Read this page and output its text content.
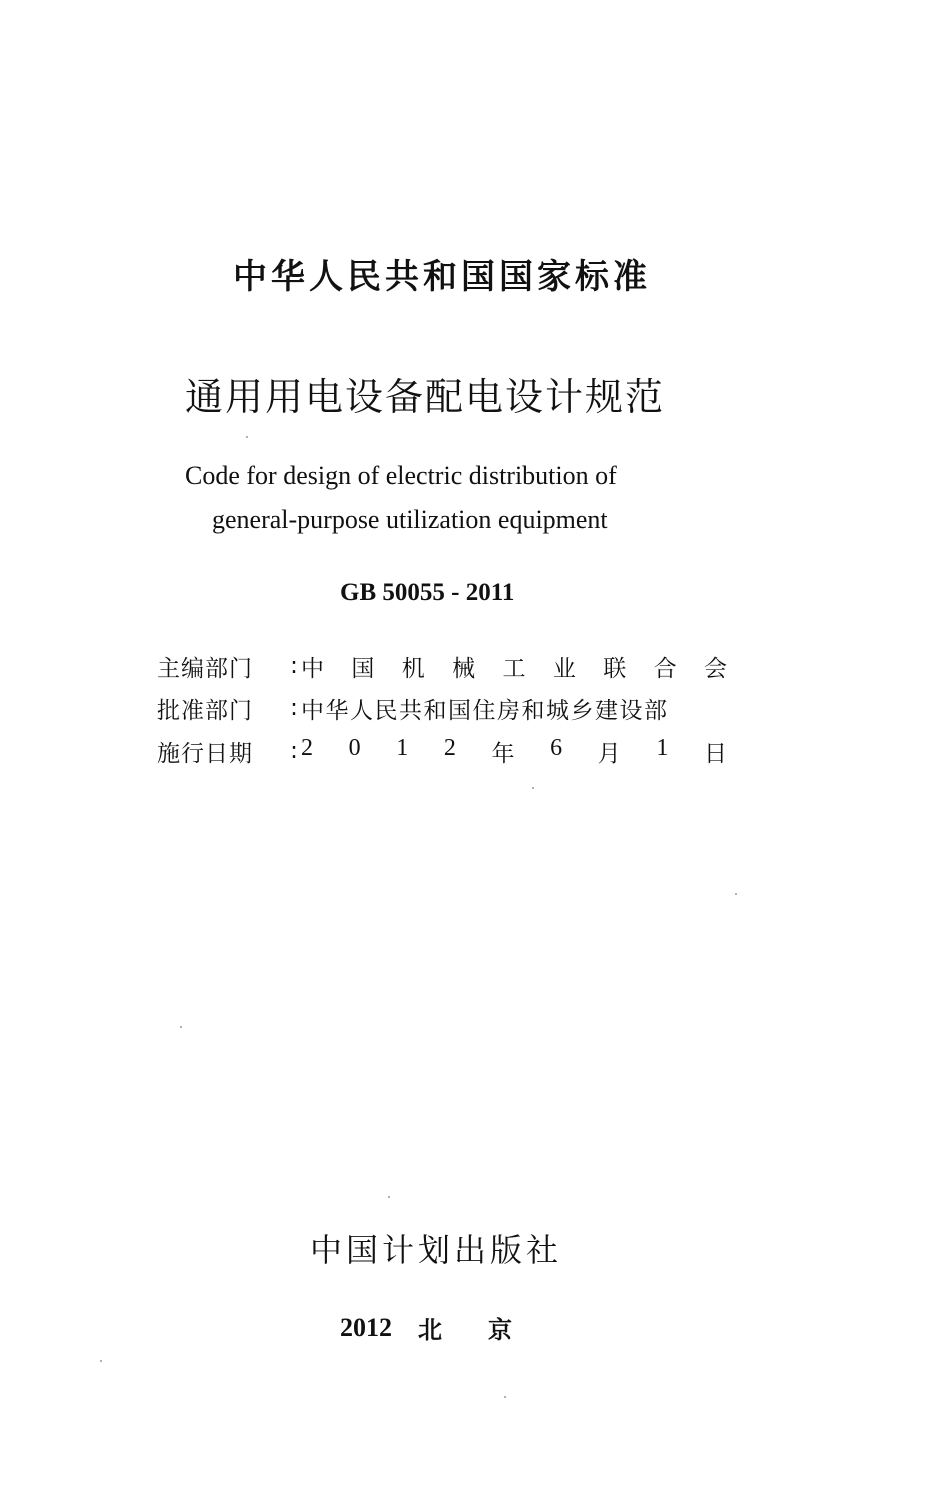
中华人民共和国国家标准
通用用电设备配电设计规范
Code for design of electric distribution of
general-purpose utilization equipment
GB 50055 - 2011
主编部门	: 中 国 机 械 工 业 联 合 会
批准部门	: 中华人民共和国住房和城乡建设部
施行日期	: 2 0 1 2 年 6 月 1 日
中国计划出版社
2012 北 京
